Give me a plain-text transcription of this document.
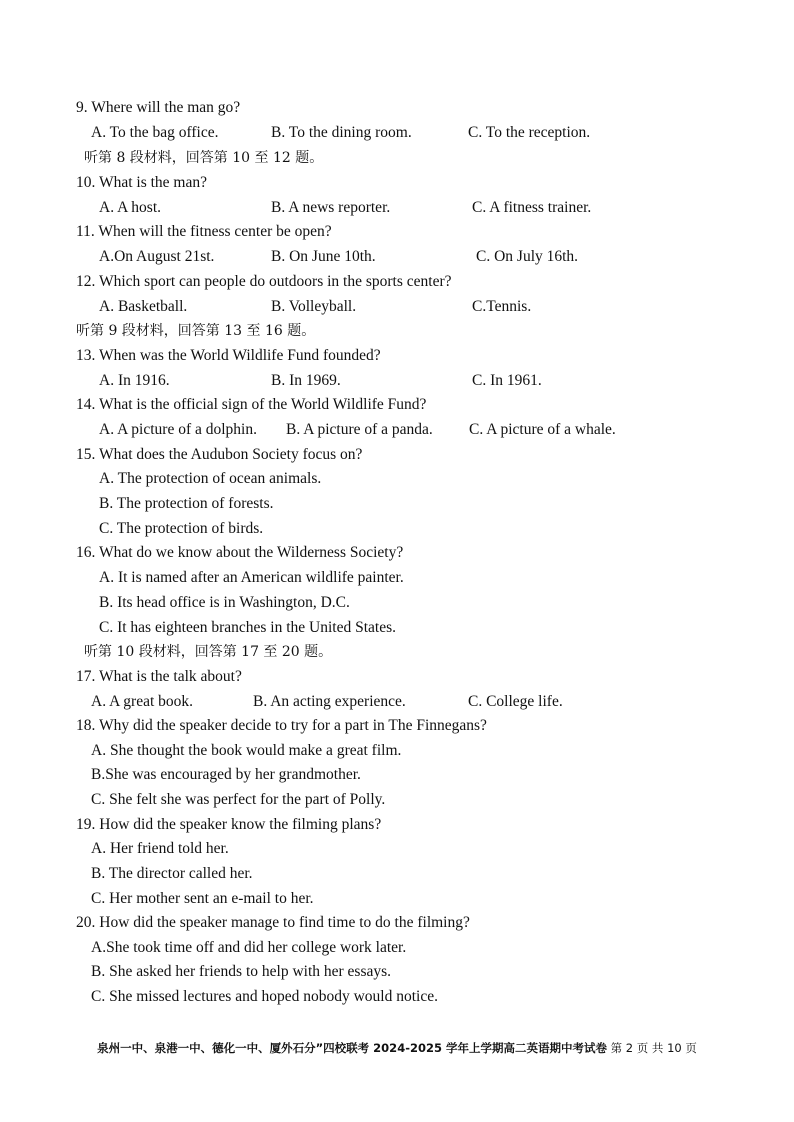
9. Where will the man go?
A. To the bag office.	B. To the dining room.	C. To the reception.
听第 8 段材料，回答第 10 至 12 题。
10. What is the man?
A. A host.	B. A news reporter.	C. A fitness trainer.
11. When will the fitness center be open?
A.On August 21st.	B. On June 10th.	C. On July 16th.
12. Which sport can people do outdoors in the sports center?
A. Basketball.	B. Volleyball.	C.Tennis.
听第 9 段材料，回答第 13 至 16 题。
13. When was the World Wildlife Fund founded?
A. In 1916.	B. In 1969.	C. In 1961.
14. What is the official sign of the World Wildlife Fund?
A. A picture of a dolphin. B. A picture of a panda. C. A picture of a whale.
15. What does the Audubon Society focus on?
A. The protection of ocean animals.
B. The protection of forests.
C. The protection of birds.
16. What do we know about the Wilderness Society?
A. It is named after an American wildlife painter.
B. Its head office is in Washington, D.C.
C. It has eighteen branches in the United States.
听第 10 段材料，回答第 17 至 20 题。
17. What is the talk about?
A. A great book.	B. An acting experience.	C. College life.
18. Why did the speaker decide to try for a part in The Finnegans?
A. She thought the book would make a great film.
B.She was encouraged by her grandmother.
C. She felt she was perfect for the part of Polly.
19. How did the speaker know the filming plans?
A. Her friend told her.
B. The director called her.
C. Her mother sent an e-mail to her.
20. How did the speaker manage to find time to do the filming?
A.She took time off and did her college work later.
B. She asked her friends to help with her essays.
C. She missed lectures and hoped nobody would notice.
泉州一中、泉港一中、德化一中、厦外石分”四校联考 2024-2025 学年上学期高二英语期中考试卷 第 2 页 共 10 页
